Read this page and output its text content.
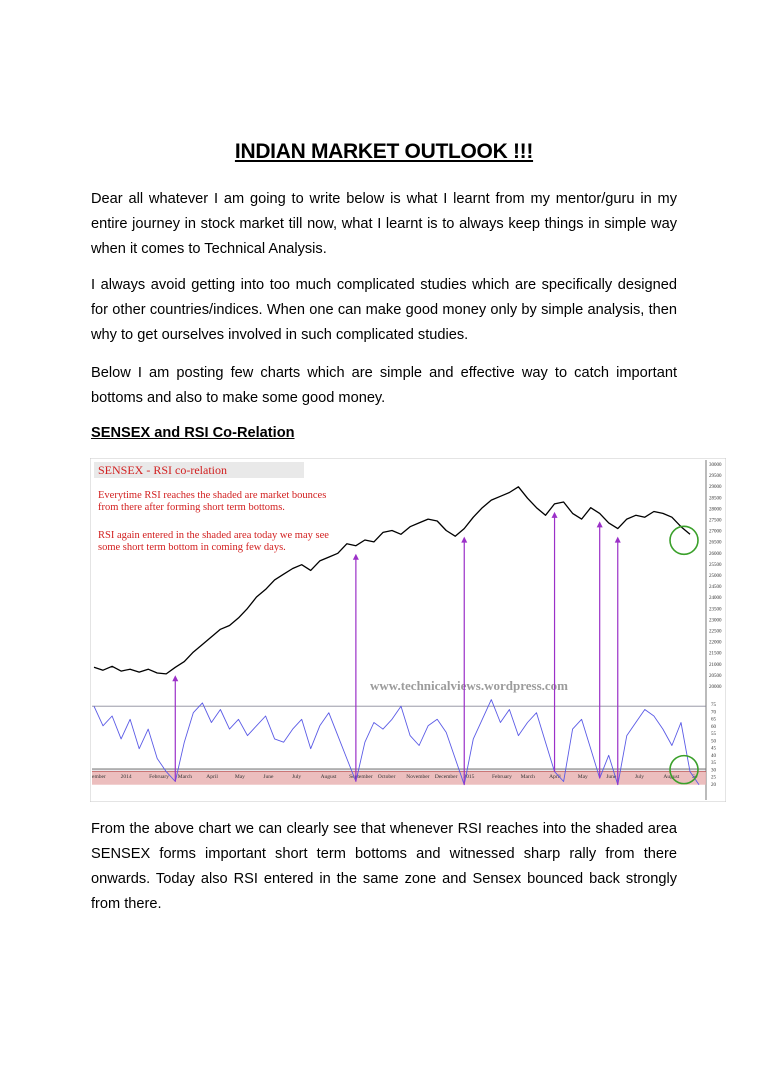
INDIAN MARKET OUTLOOK !!!

Dear all whatever I am going to write below is what I learnt from my mentor/guru in my entire journey in stock market till now, what I learnt is to always keep things in simple way when it comes to Technical Analysis.

I always avoid getting into too much complicated studies which are specifically designed for other countries/indices. When one can make good money only by simple analysis, then why to get ourselves involved in such complicated studies.

Below I am posting few charts which are simple and effective way to catch important bottoms and also to make some good money.

SENSEX and RSI Co-Relation
ember	2014	February March	April	May	June	July	August September October November December 2015	February March	April	May	June	July	August Se
30000
29500
29000
28500
28000
27500
27000
26500
26000
25500
25000
24500
24000
23500
23000
22500
22000
21500
21000
20500
20000
75
70
65
60
55
50
45
40
35
30
25
20
www.technicalviews.wordpress.com
SENSEX - RSI co-relation
Everytime RSI reaches the shaded are market bounces
from there after forming short term bottoms.
RSI again entered in the shaded area today we may see
some short term bottom in coming few days.

From the above chart we can clearly see that whenever RSI reaches into the shaded area SENSEX forms important short term bottoms and witnessed sharp rally from there onwards. Today also RSI entered in the same zone and Sensex bounced back strongly from there.
